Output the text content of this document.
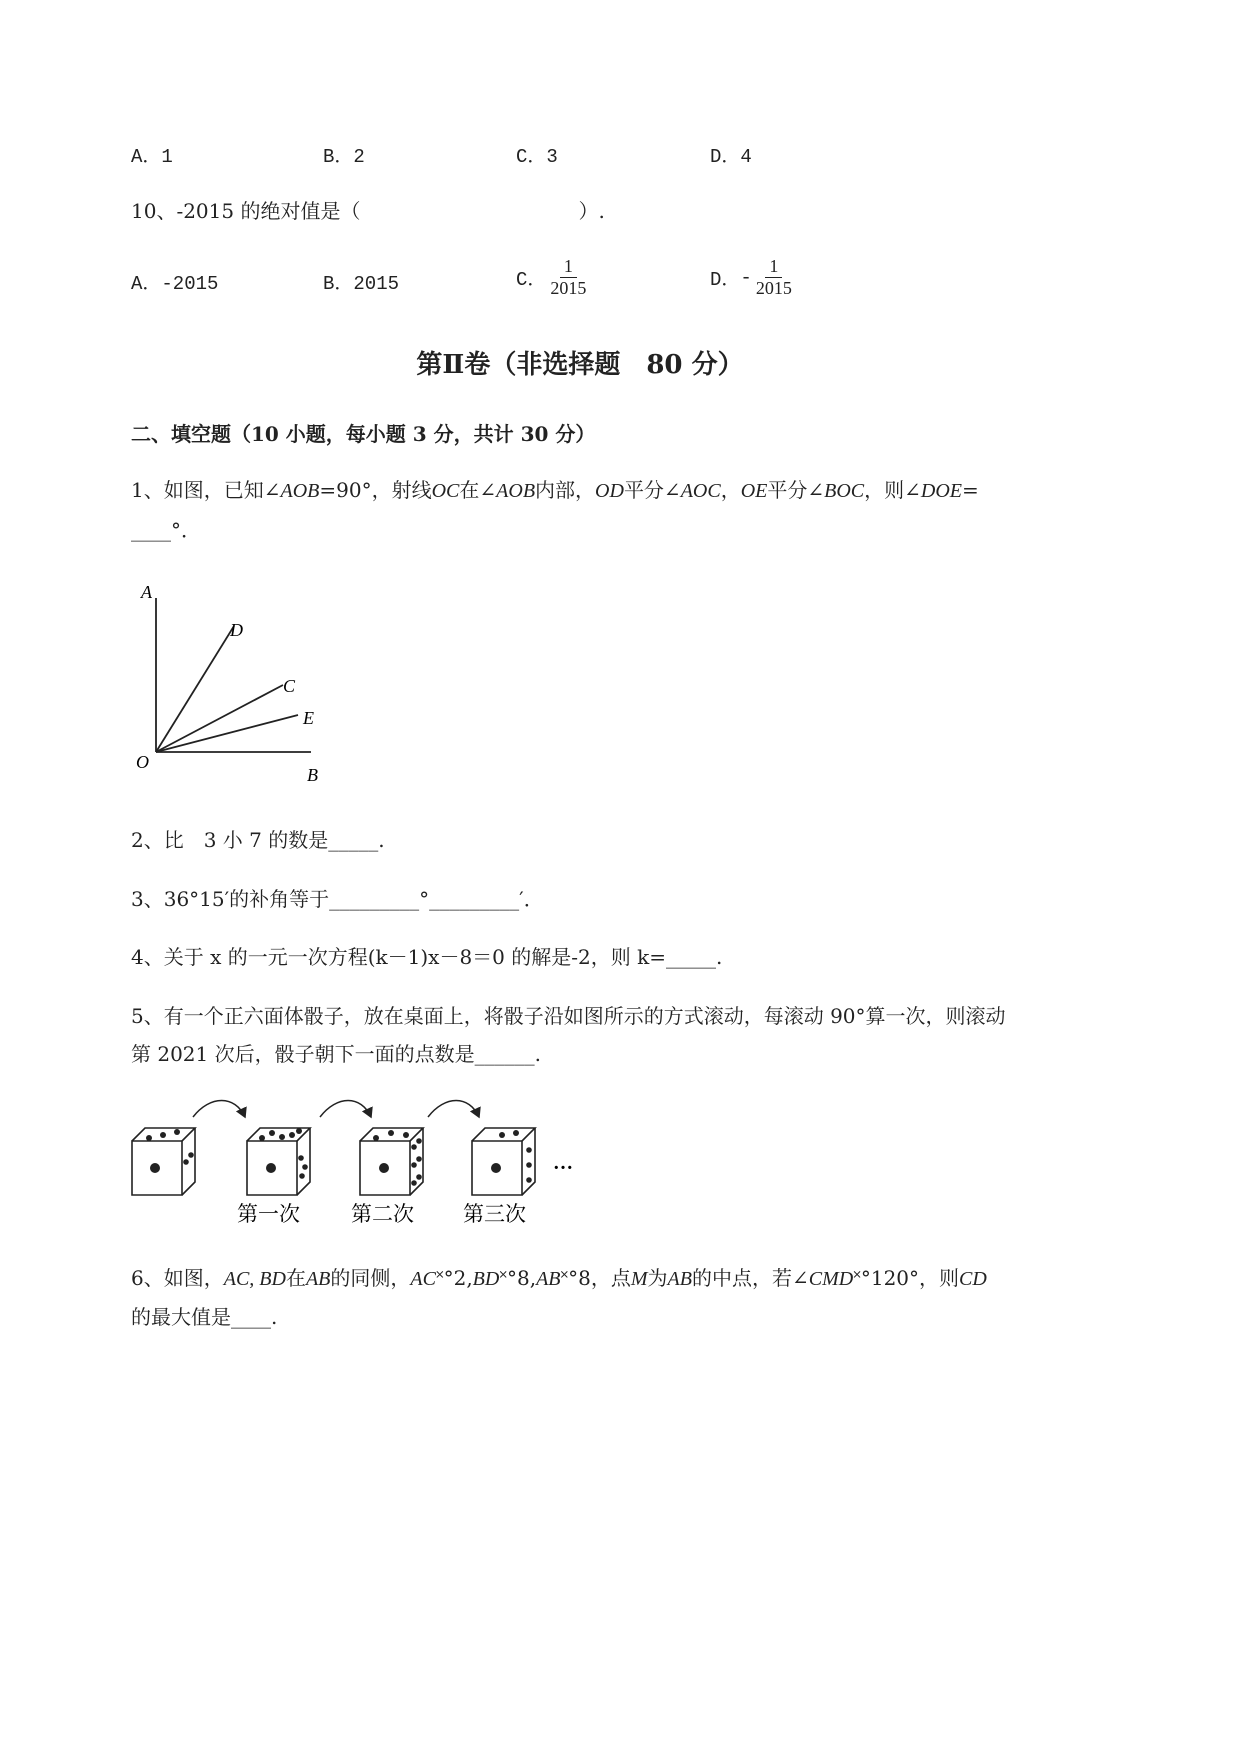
A．1	B．2	C．3	D．4
10、-2015 的绝对值是（	）.
A．-2015	B．2015	C． $\frac{1}{2015}$	D． - $\frac{1}{2015}$
第Ⅱ卷（非选择题　80 分）
二、填空题（10 小题，每小题 3 分，共计 30 分）
1、如图，已知∠AOB=90°，射线OC在∠AOB内部，OD平分∠AOC，OE平分∠BOC，则∠DOE=
____°．
A
D
C
E
O
B
2、比　3 小 7 的数是_____.
3、36°15′的补角等于_________°_________′．
4、关于 x 的一元一次方程(k－1)x－8＝0 的解是-2，则 k=_____.
5、有一个正六面体骰子，放在桌面上，将骰子沿如图所示的方式滚动，每滚动 90°算一次，则滚动
第 2021 次后，骰子朝下一面的点数是______.
…
第一次 第二次 第三次
6、如图，AC, BD在AB的同侧，AC˟°2,BD˟°8,AB˟°8，点M为AB的中点，若∠CMD˟°120°，则CD
的最大值是____.
